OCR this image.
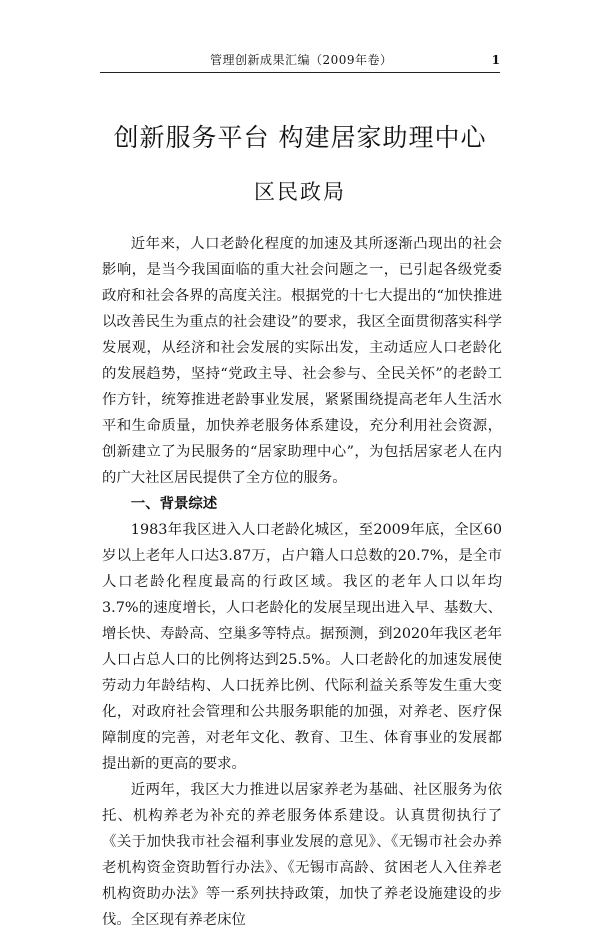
管理创新成果汇编（2009年卷）	1
创新服务平台 构建居家助理中心
区民政局

近年来，人口老龄化程度的加速及其所逐渐凸现出的社会影响，是当今我国面临的重大社会问题之一，已引起各级党委政府和社会各界的高度关注。根据党的十七大提出的“加快推进以改善民生为重点的社会建设”的要求，我区全面贯彻落实科学发展观，从经济和社会发展的实际出发，主动适应人口老龄化的发展趋势，坚持“党政主导、社会参与、全民关怀”的老龄工作方针，统筹推进老龄事业发展，紧紧围绕提高老年人生活水平和生命质量，加快养老服务体系建设，充分利用社会资源，创新建立了为民服务的“居家助理中心”，为包括居家老人在内的广大社区居民提供了全方位的服务。

一、背景综述

1983年我区进入人口老龄化城区，至2009年底，全区60岁以上老年人口达3.87万，占户籍人口总数的20.7%，是全市人口老龄化程度最高的行政区域。我区的老年人口以年均 3.7%的速度增长，人口老龄化的发展呈现出进入早、基数大、增长快、寿龄高、空巢多等特点。据预测，到2020年我区老年人口占总人口的比例将达到25.5%。人口老龄化的加速发展使劳动力年龄结构、人口抚养比例、代际利益关系等发生重大变化，对政府社会管理和公共服务职能的加强，对养老、医疗保障制度的完善，对老年文化、教育、卫生、体育事业的发展都提出新的更高的要求。

近两年，我区大力推进以居家养老为基础、社区服务为依托、机构养老为补充的养老服务体系建设。认真贯彻执行了《关于加快我市社会福利事业发展的意见》、《无锡市社会办养老机构资金资助暂行办法》、《无锡市高龄、贫困老人入住养老机构资助办法》等一系列扶持政策，加快了养老设施建设的步伐。全区现有养老床位
